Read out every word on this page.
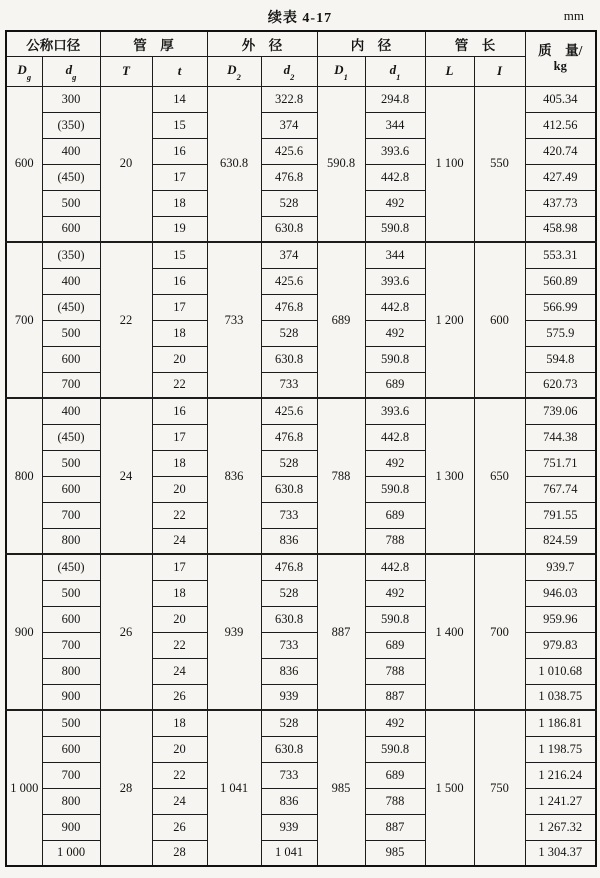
续表 4-17	mm
公称口径		管　厚		外　径		内　径		管　长		质　量/
kg

$D_g$	$d_g$	T	t	$D_2$	$d_2$	$D_1$	$d_1$	L	I	
600	300	20	14	630.8	322.8	590.8	294.8	1 100	550	405.34
	(350)		15		374		344			412.56
	400		16		425.6		393.6			420.74
	(450)		17		476.8		442.8			427.49
	500		18		528		492			437.73
	600		19		630.8		590.8			458.98
700	(350)	22	15	733	374	689	344	1 200	600	553.31
	400		16		425.6		393.6			560.89
	(450)		17		476.8		442.8			566.99
	500		18		528		492			575.9
	600		20		630.8		590.8			594.8
	700		22		733		689			620.73
800	400	24	16	836	425.6	788	393.6	1 300	650	739.06
	(450)		17		476.8		442.8			744.38
	500		18		528		492			751.71
	600		20		630.8		590.8			767.74
	700		22		733		689			791.55
	800		24		836		788			824.59
900	(450)	26	17	939	476.8	887	442.8	1 400	700	939.7
	500		18		528		492			946.03
	600		20		630.8		590.8			959.96
	700		22		733		689			979.83
	800		24		836		788			1 010.68
	900		26		939		887			1 038.75
1 000	500	28	18	1 041	528	985	492	1 500	750	1 186.81
	600		20		630.8		590.8			1 198.75
	700		22		733		689			1 216.24
	800		24		836		788			1 241.27
	900		26		939		887			1 267.32
	1 000		28		1 041		985			1 304.37
